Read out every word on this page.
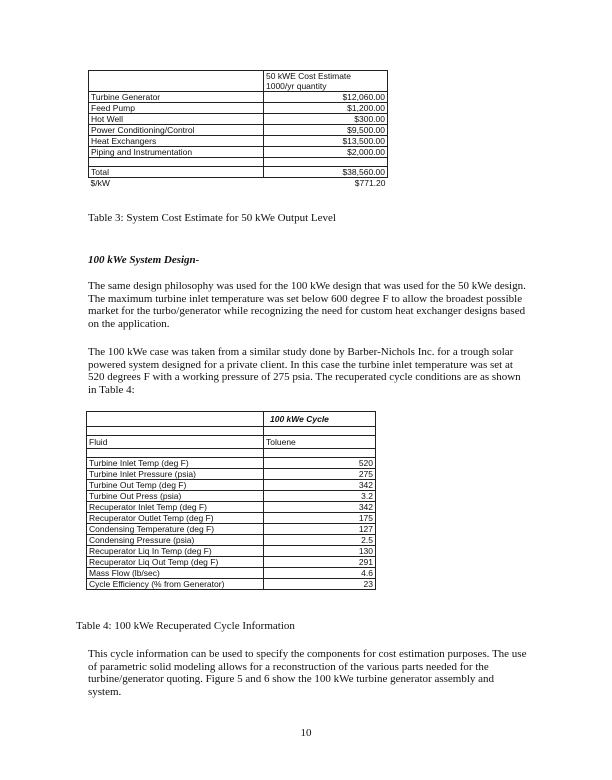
	50 kWE Cost Estimate
1000/yr quantity

Turbine Generator	$12,060.00
Feed Pump	$1,200.00
Hot Well	$300.00
Power Conditioning/Control	$9,500.00
Heat Exchangers	$13,500.00
Piping and Instrumentation	$2,000.00

Total	$38,560.00
$/kW	$771.20
Table 3: System Cost Estimate for 50 kWe Output Level
100 kWe System Design-

The same design philosophy was used for the 100 kWe design that was used for the 50 kWe design. The maximum turbine inlet temperature was set below 600 degree F to allow the broadest possible market for the turbo/generator while recognizing the need for custom heat exchanger designs based on the application.

The 100 kWe case was taken from a similar study done by Barber-Nichols Inc. for a trough solar powered system designed for a private client. In this case the turbine inlet temperature was set at 520 degrees F with a working pressure of 275 psia. The recuperated cycle conditions are as shown in Table 4:

	100 kWe Cycle

Fluid	Toluene

Turbine Inlet Temp (deg F)	520
Turbine Inlet Pressure (psia)	275
Turbine Out Temp (deg F)	342
Turbine Out Press (psia)	3.2
Recuperator Inlet Temp (deg F)	342
Recuperator Outlet Temp (deg F)	175
Condensing Temperature (deg F)	127
Condensing Pressure (psia)	2.5
Recuperator Liq In Temp (deg F)	130
Recuperator Liq Out Temp (deg F)	291
Mass Flow (lb/sec)	4.6
Cycle Efficiency (% from Generator)	23
Table 4: 100 kWe Recuperated Cycle Information

This cycle information can be used to specify the components for cost estimation purposes. The use of parametric solid modeling allows for a reconstruction of the various parts needed for the turbine/generator quoting. Figure 5 and 6 show the 100 kWe turbine generator assembly and system.

10
